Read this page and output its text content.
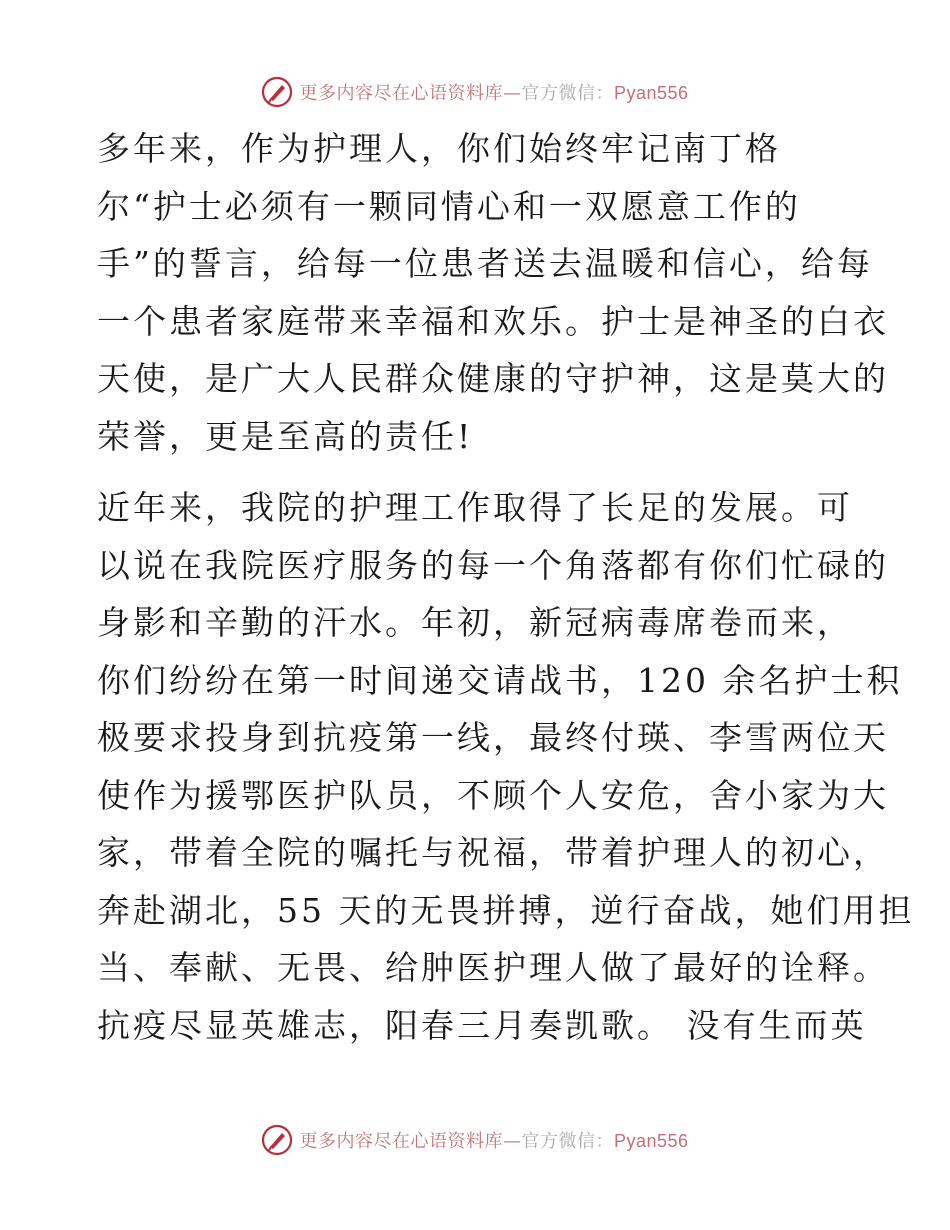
更多内容尽在心语资料库—官方微信：Pyan556
多年来，作为护理人，你们始终牢记南丁格
尔“护士必须有一颗同情心和一双愿意工作的
手”的誓言，给每一位患者送去温暖和信心，给每
一个患者家庭带来幸福和欢乐。护士是神圣的白衣
天使，是广大人民群众健康的守护神，这是莫大的
荣誉，更是至高的责任!
近年来，我院的护理工作取得了长足的发展。可
以说在我院医疗服务的每一个角落都有你们忙碌的
身影和辛勤的汗水。年初，新冠病毒席卷而来，
你们纷纷在第一时间递交请战书，120 余名护士积
极要求投身到抗疫第一线，最终付瑛、李雪两位天
使作为援鄂医护队员，不顾个人安危，舍小家为大
家，带着全院的嘱托与祝福，带着护理人的初心，
奔赴湖北，55 天的无畏拼搏，逆行奋战，她们用担
当、奉献、无畏、给肿医护理人做了最好的诠释。
抗疫尽显英雄志，阳春三月奏凯歌。 没有生而英
更多内容尽在心语资料库—官方微信：Pyan556
